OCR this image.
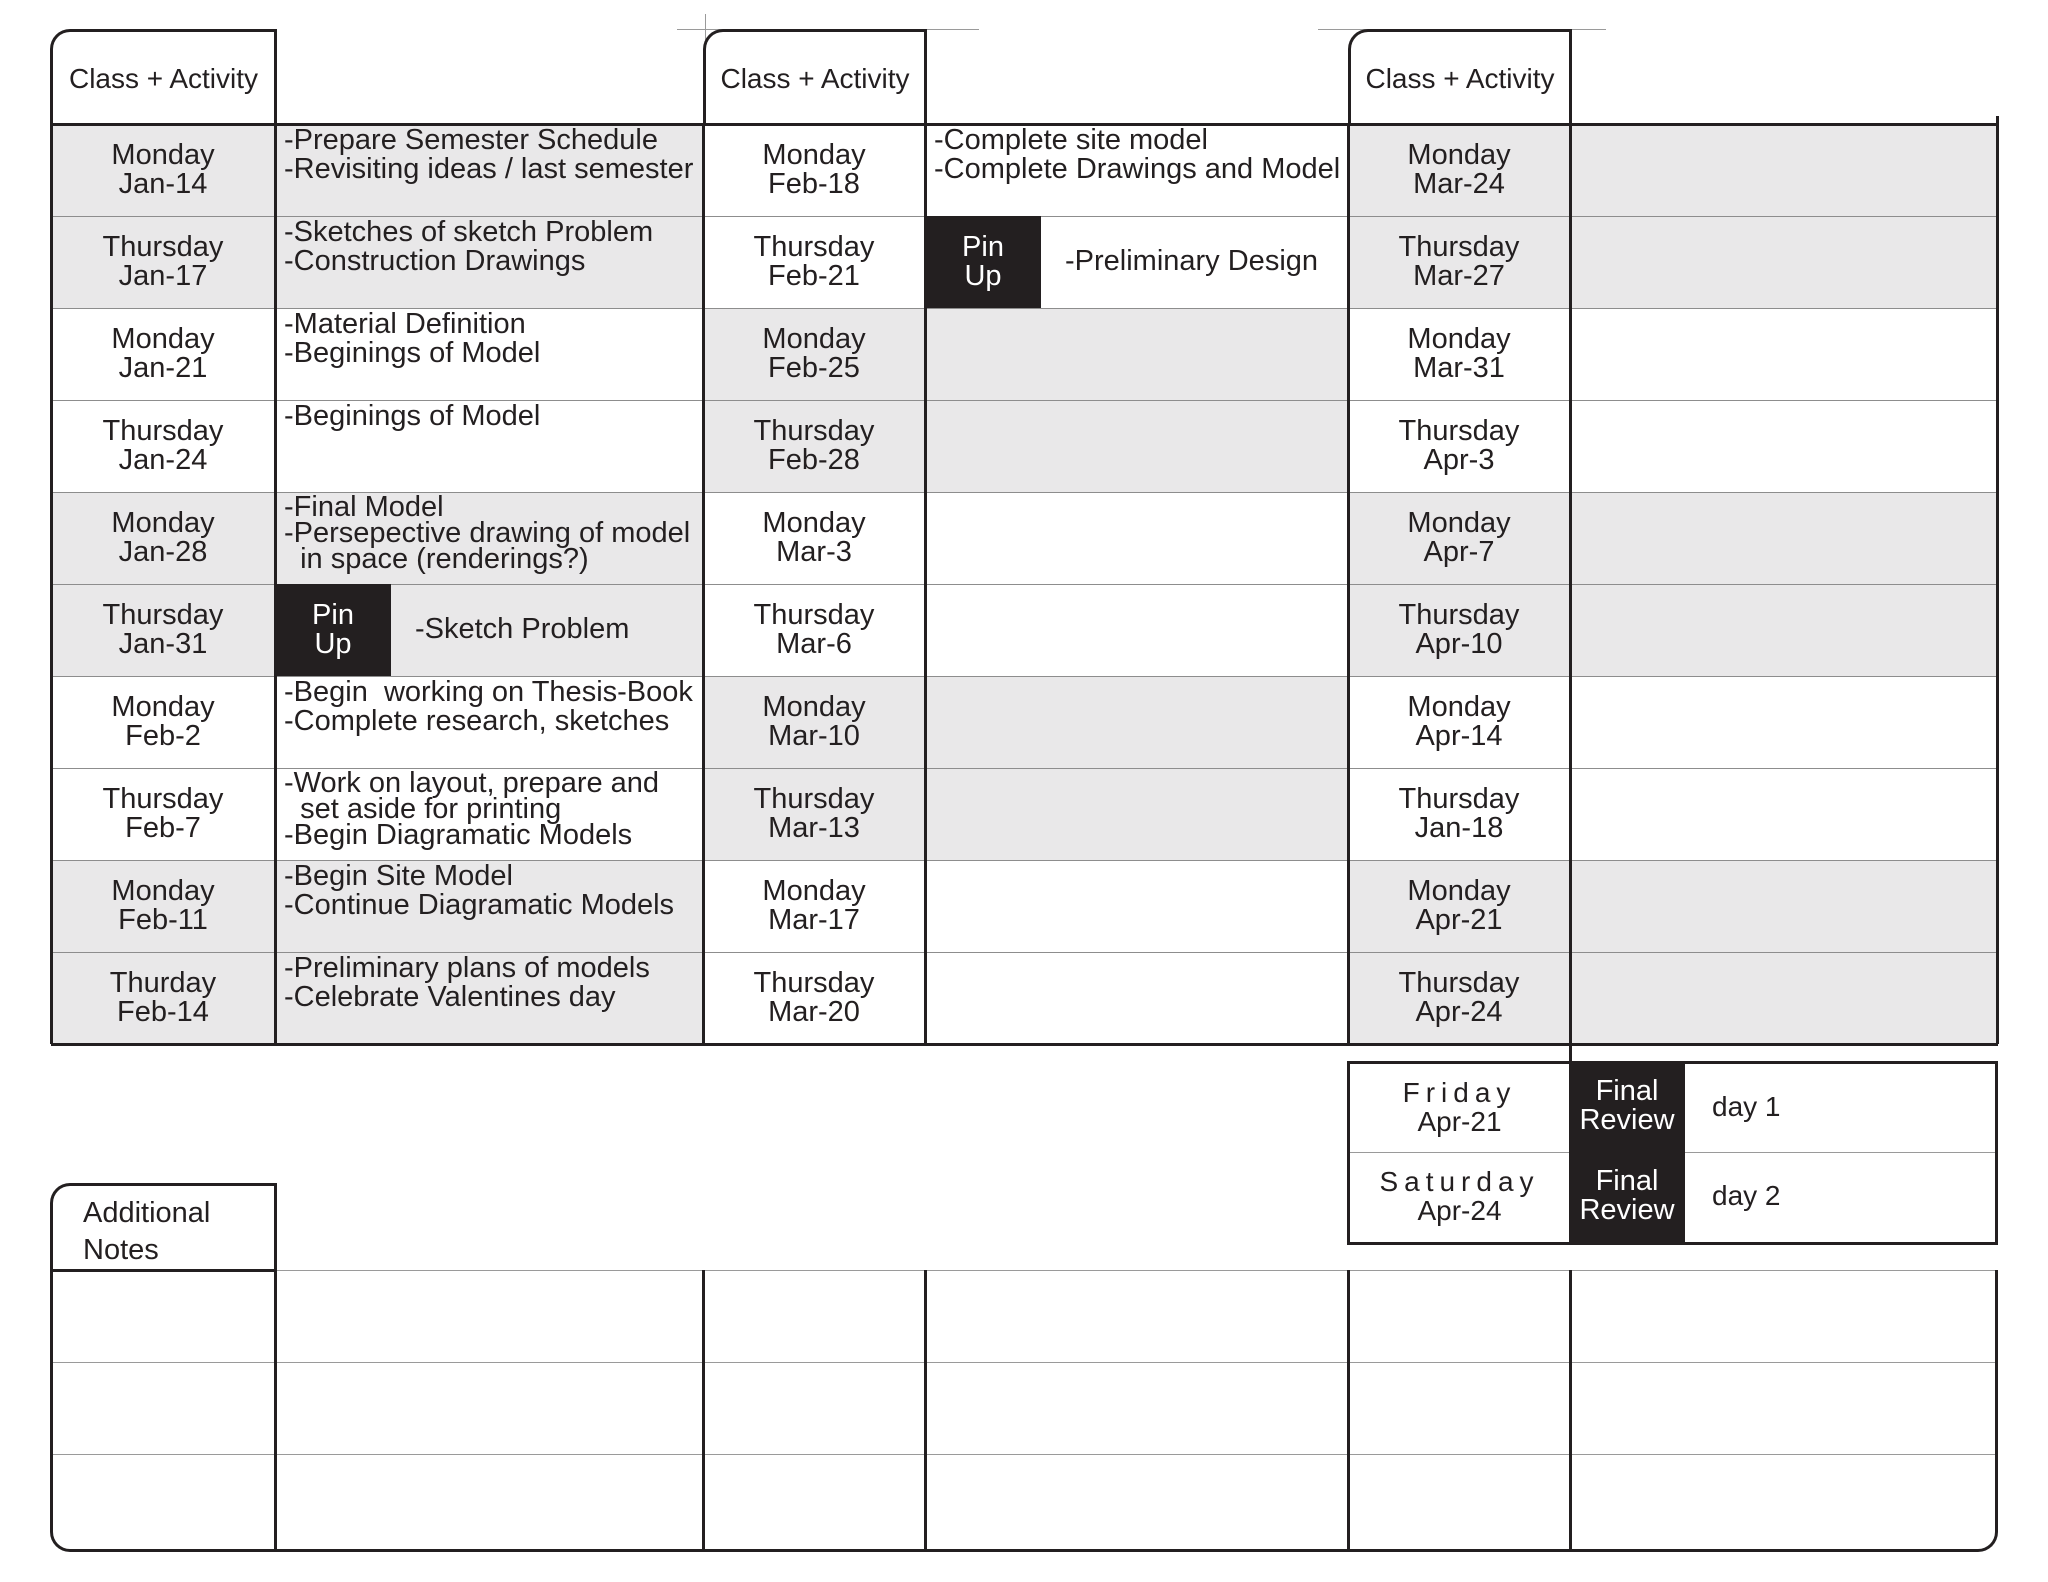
Class + Activity	Class + Activity	Class + Activity
Monday
Jan-14
-Prepare Semester Schedule
-Revisiting ideas / last semester
Thursday
Jan-17
-Sketches of sketch Problem
-Construction Drawings
Monday
Jan-21
-Material Definition
-Beginings of Model
Thursday
Jan-24
-Beginings of Model
Monday
Jan-28
-Final Model
-Persepective drawing of model
in space (renderings?)
Thursday
Jan-31
Pin
Up -Sketch Problem
Monday
Feb-2
-Begin  working on Thesis-Book
-Complete research, sketches
Thursday
Feb-7
-Work on layout, prepare and
set aside for printing
-Begin Diagramatic Models
Monday
Feb-11
-Begin Site Model
-Continue Diagramatic Models
Thurday
Feb-14
-Preliminary plans of models
-Celebrate Valentines day
Monday
Feb-18
-Complete site model
-Complete Drawings and Model
Thursday
Feb-21
Pin
Up -Preliminary Design
Monday
Feb-25
Thursday
Feb-28
Monday
Mar-3
Thursday
Mar-6
Monday
Mar-10
Thursday
Mar-13
Monday
Mar-17
Thursday
Mar-20
Monday
Mar-24
Thursday
Mar-27
Monday
Mar-31
Thursday
Apr-3
Monday
Apr-7
Thursday
Apr-10
Monday
Apr-14
Thursday
Jan-18
Monday
Apr-21
Thursday
Apr-24
Friday
Apr-21
Final
Review day 1
Saturday
Apr-24
Final
Review day 2
Additional
Notes
